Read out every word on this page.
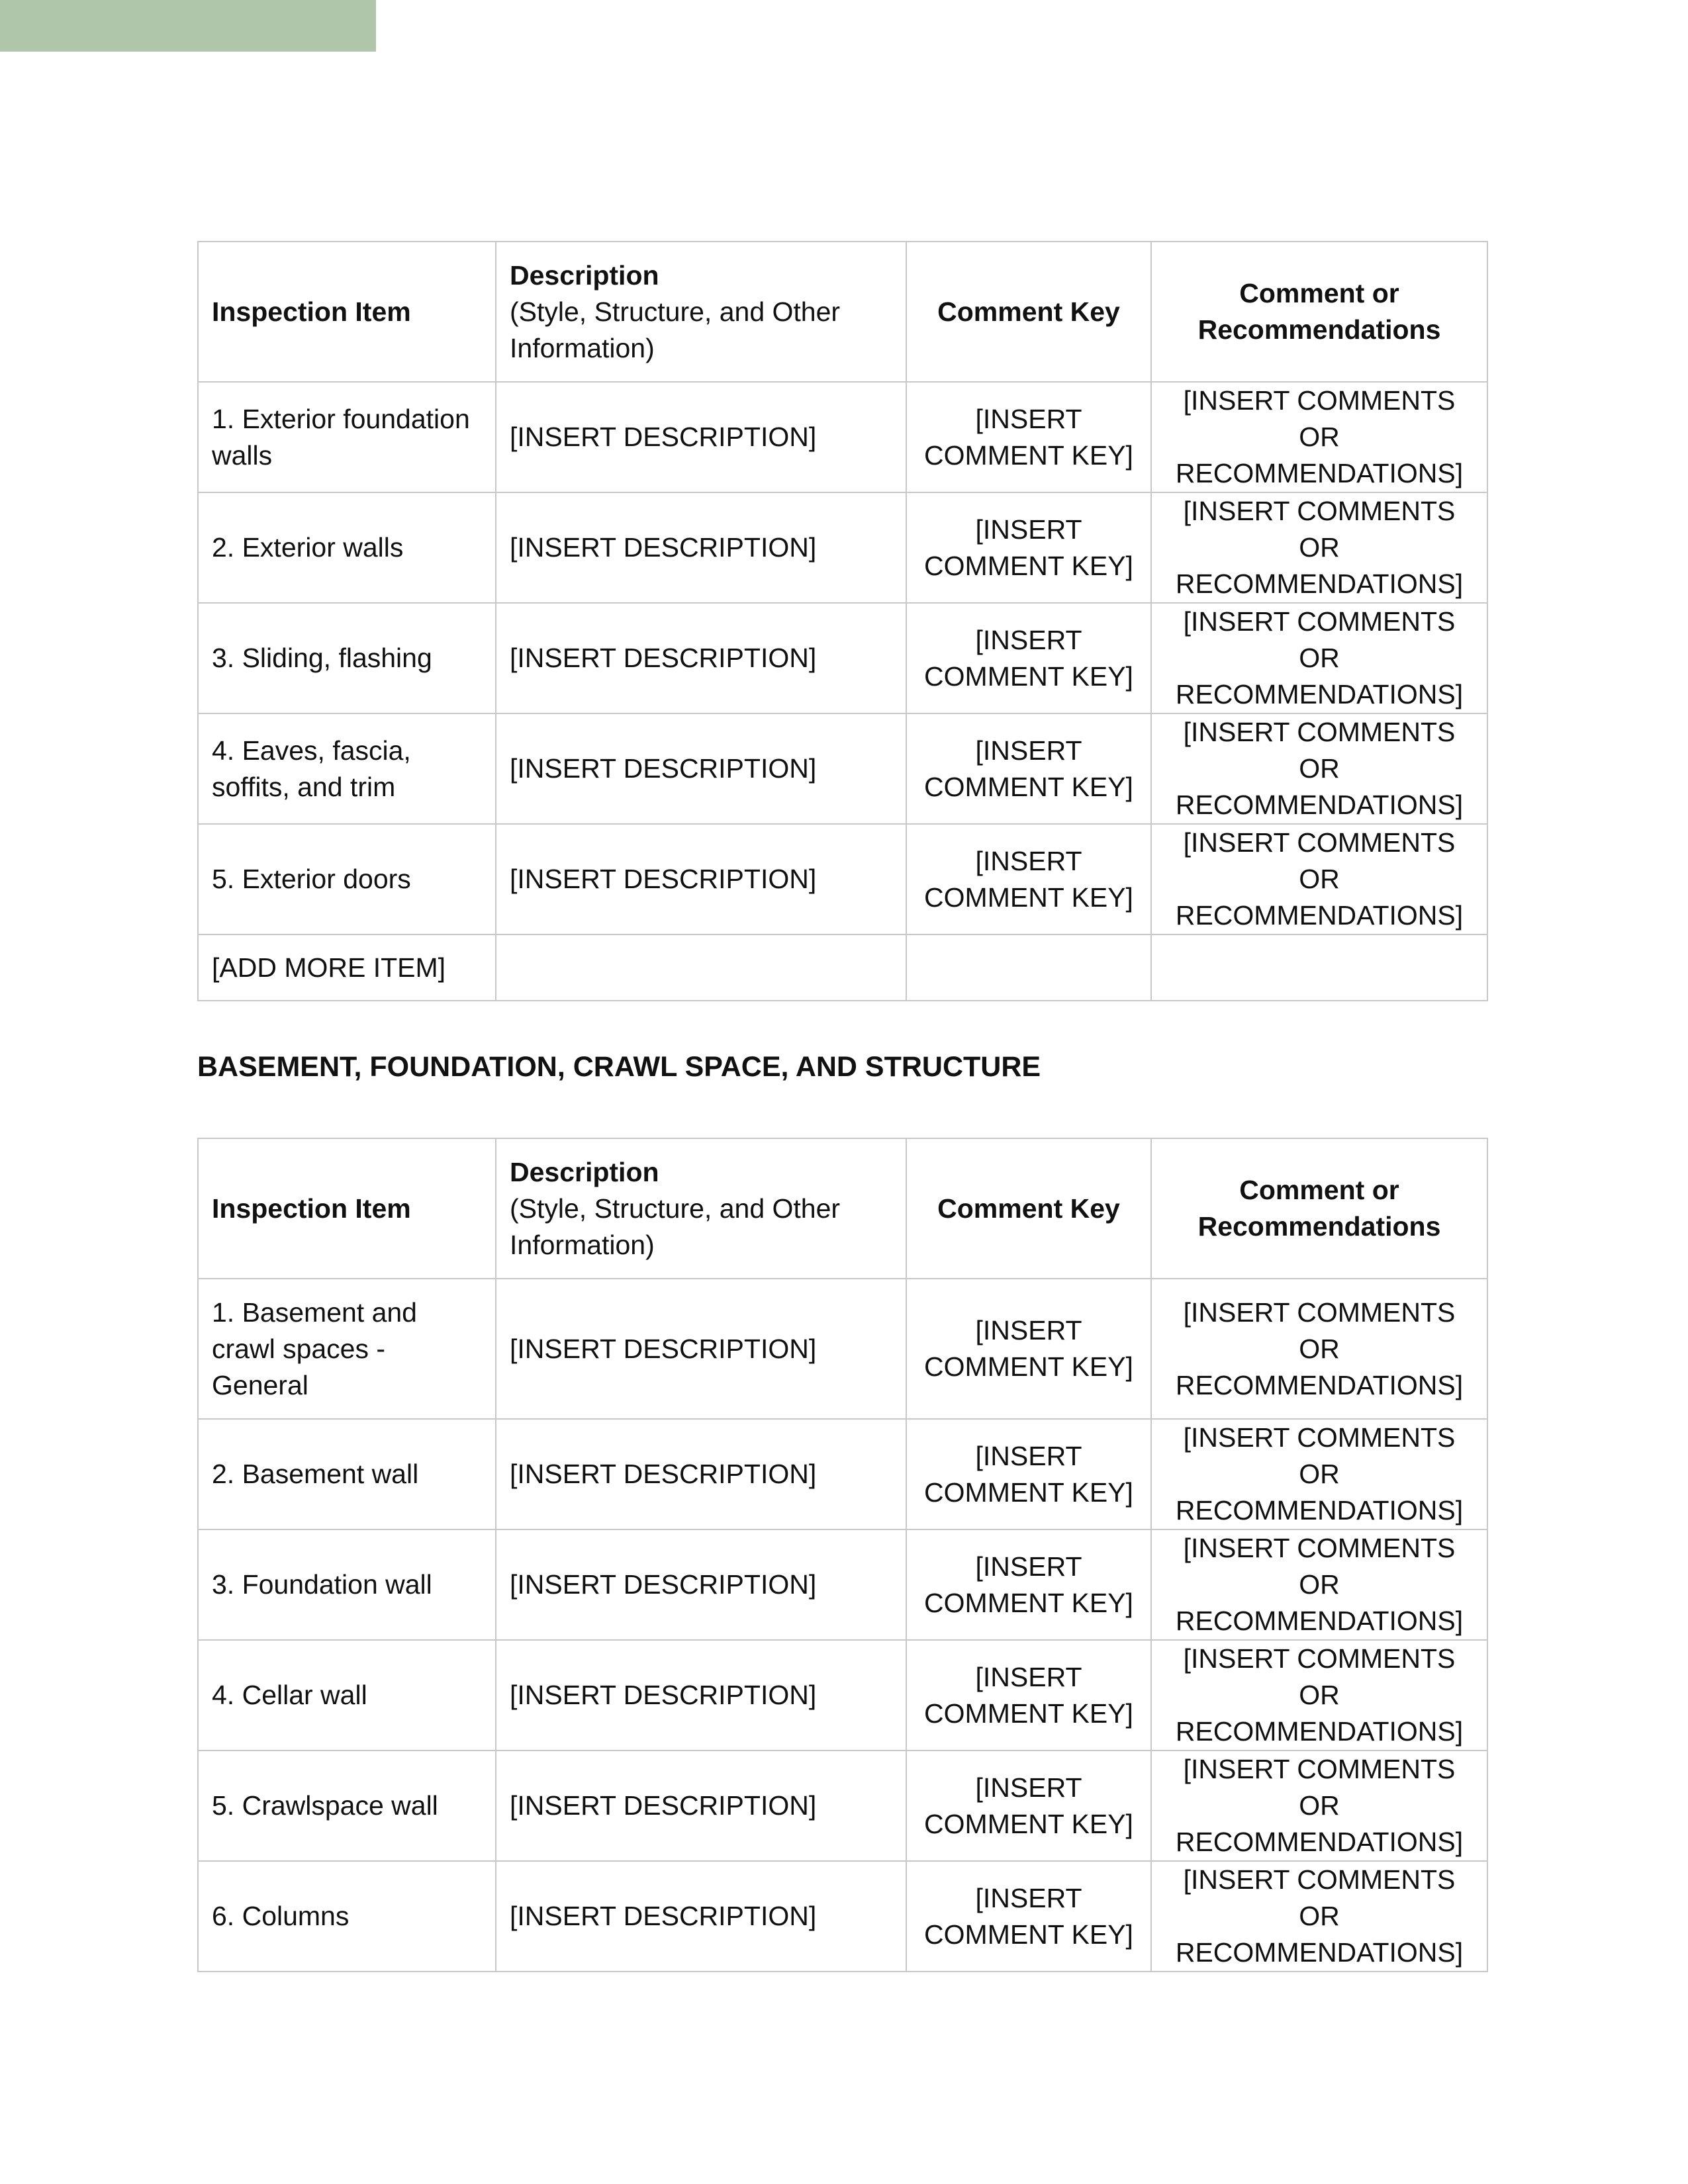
Inspection Item	Description
(Style, Structure, and Other Information)	Comment Key	Comment or
Recommendations

1. Exterior foundation walls	[INSERT DESCRIPTION]	[INSERT
COMMENT KEY]	[INSERT COMMENTS OR
RECOMMENDATIONS]

2. Exterior walls	[INSERT DESCRIPTION]	[INSERT
COMMENT KEY]	[INSERT COMMENTS OR
RECOMMENDATIONS]

3. Sliding, flashing	[INSERT DESCRIPTION]	[INSERT
COMMENT KEY]	[INSERT COMMENTS OR
RECOMMENDATIONS]

4. Eaves, fascia, soffits, and trim	[INSERT DESCRIPTION]	[INSERT
COMMENT KEY]	[INSERT COMMENTS OR
RECOMMENDATIONS]

5. Exterior doors	[INSERT DESCRIPTION]	[INSERT
COMMENT KEY]	[INSERT COMMENTS OR
RECOMMENDATIONS]

[ADD MORE ITEM]			
BASEMENT, FOUNDATION, CRAWL SPACE, AND STRUCTURE
Inspection Item	Description
(Style, Structure, and Other Information)	Comment Key	Comment or
Recommendations

1. Basement and crawl spaces - General	[INSERT DESCRIPTION]	[INSERT
COMMENT KEY]	[INSERT COMMENTS OR
RECOMMENDATIONS]

2. Basement wall	[INSERT DESCRIPTION]	[INSERT
COMMENT KEY]	[INSERT COMMENTS OR
RECOMMENDATIONS]

3. Foundation wall	[INSERT DESCRIPTION]	[INSERT
COMMENT KEY]	[INSERT COMMENTS OR
RECOMMENDATIONS]

4. Cellar wall	[INSERT DESCRIPTION]	[INSERT
COMMENT KEY]	[INSERT COMMENTS OR
RECOMMENDATIONS]

5. Crawlspace wall	[INSERT DESCRIPTION]	[INSERT
COMMENT KEY]	[INSERT COMMENTS OR
RECOMMENDATIONS]

6. Columns	[INSERT DESCRIPTION]	[INSERT
COMMENT KEY]	[INSERT COMMENTS OR
RECOMMENDATIONS]
